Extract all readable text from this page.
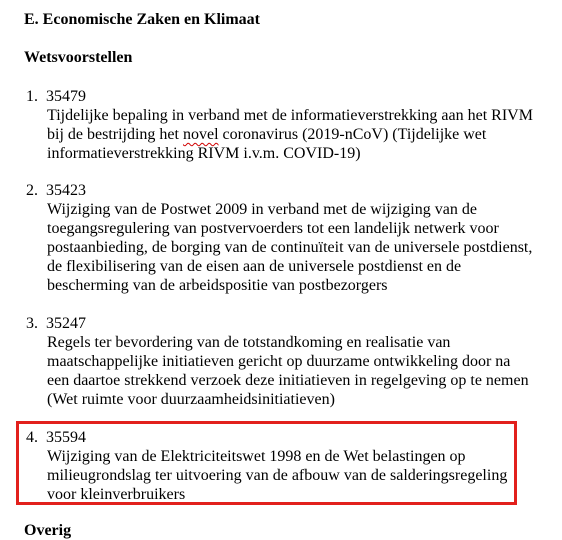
E. Economische Zaken en Klimaat

Wetsvoorstellen

1. 35479
Tijdelijke bepaling in verband met de informatieverstrekking aan het RIVM
bij de bestrijding het novel coronavirus (2019-nCoV) (Tijdelijke wet
informatieverstrekking RIVM i.v.m. COVID-19)
2. 35423
Wijziging van de Postwet 2009 in verband met de wijziging van de
toegangsregulering van postvervoerders tot een landelijk netwerk voor
postaanbieding, de borging van de continuïteit van de universele postdienst,
de flexibilisering van de eisen aan de universele postdienst en de
bescherming van de arbeidspositie van postbezorgers
3. 35247
Regels ter bevordering van de totstandkoming en realisatie van
maatschappelijke initiatieven gericht op duurzame ontwikkeling door na
een daartoe strekkend verzoek deze initiatieven in regelgeving op te nemen
(Wet ruimte voor duurzaamheidsinitiatieven)
4. 35594
Wijziging van de Elektriciteitswet 1998 en de Wet belastingen op
milieugrondslag ter uitvoering van de afbouw van de salderingsregeling
voor kleinverbruikers

Overig
